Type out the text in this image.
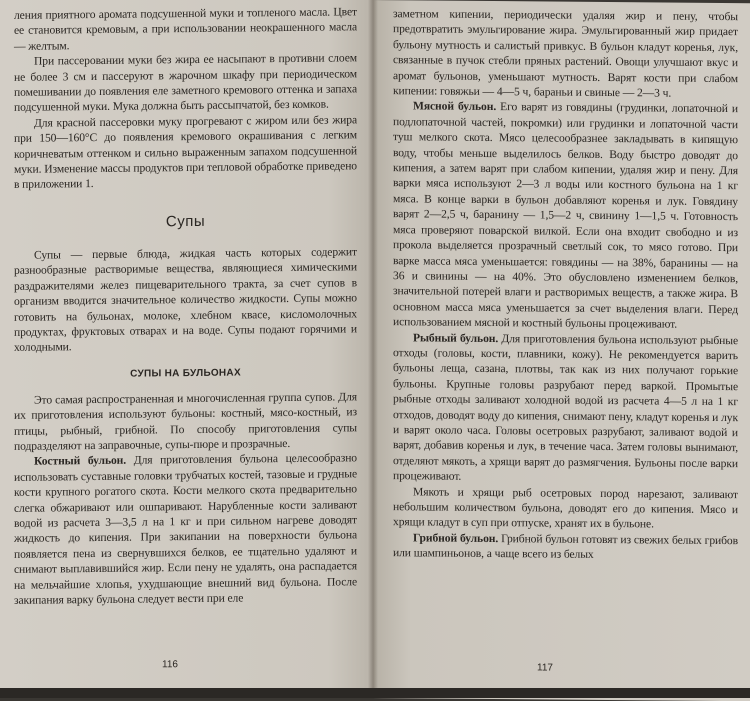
ления приятного аромата подсушенной муки и топленого масла. Цвет ее становится кремовым, а при использовании неокрашенного масла — желтым.

При пассеровании муки без жира ее насыпают в противни слоем не более 3 см и пассеруют в жарочном шкафу при периодическом помешивании до появления еле заметного кремового оттенка и запаха подсушенной муки. Мука должна быть рассыпчатой, без комков.

Для красной пассеровки муку прогревают с жиром или без жира при 150—160°С до появления кремового окрашивания с легким коричневатым оттенком и сильно выраженным запахом подсушенной муки. Изменение массы продуктов при тепловой обработке приведено в приложении 1.

Супы

Супы — первые блюда, жидкая часть которых содержит разнообразные растворимые вещества, являющиеся химическими раздражителями желез пищеварительного тракта, за счет супов в организм вводится значительное количество жидкости. Супы можно готовить на бульонах, молоке, хлебном квасе, кисломолочных продуктах, фруктовых отварах и на воде. Супы подают горячими и холодными.

СУПЫ НА БУЛЬОНАХ

Это самая распространенная и многочисленная группа супов. Для их приготовления используют бульоны: костный, мясо-костный, из птицы, рыбный, грибной. По способу приготовления супы подразделяют на заправочные, супы-пюре и прозрачные.

Костный бульон. Для приготовления бульона целесообразно использовать суставные головки трубчатых костей, тазовые и грудные кости крупного рогатого скота. Кости мелкого скота предварительно слегка обжаривают или ошпаривают. Нарубленные кости заливают водой из расчета 3—3,5 л на 1 кг и при сильном нагреве доводят жидкость до кипения. При закипании на поверхности бульона появляется пена из свернувшихся белков, ее тщательно удаляют и снимают выплавившийся жир. Если пену не удалять, она распадается на мельчайшие хлопья, ухудшающие внешний вид бульона. После закипания варку бульона следует вести при еле

116

заметном кипении, периодически удаляя жир и пену, чтобы предотвратить эмульгирование жира. Эмульгированный жир придает бульону мутность и салистый привкус. В бульон кладут коренья, лук, связанные в пучок стебли пряных растений. Овощи улучшают вкус и аромат бульонов, уменьшают мутность. Варят кости при слабом кипении: говяжьи — 4—5 ч, бараньи и свиные — 2—3 ч.

Мясной бульон. Его варят из говядины (грудинки, лопаточной и подлопаточной частей, покромки) или грудинки и лопаточной части туш мелкого скота. Мясо целесообразнее закладывать в кипящую воду, чтобы меньше выделилось белков. Воду быстро доводят до кипения, а затем варят при слабом кипении, удаляя жир и пену. Для варки мяса используют 2—3 л воды или костного бульона на 1 кг мяса. В конце варки в бульон добавляют коренья и лук. Говядину варят 2—2,5 ч, баранину — 1,5—2 ч, свинину 1—1,5 ч. Готовность мяса проверяют поварской вилкой. Если она входит свободно и из прокола выделяется прозрачный светлый сок, то мясо готово. При варке масса мяса уменьшается: говядины — на 38%, баранины — на 36 и свинины — на 40%. Это обусловлено изменением белков, значительной потерей влаги и растворимых веществ, а также жира. В основном масса мяса уменьшается за счет выделения влаги. Перед использованием мясной и костный бульоны процеживают.

Рыбный бульон. Для приготовления бульона используют рыбные отходы (головы, кости, плавники, кожу). Не рекомендуется варить бульоны леща, сазана, плотвы, так как из них получают горькие бульоны. Крупные головы разрубают перед варкой. Промытые рыбные отходы заливают холодной водой из расчета 4—5 л на 1 кг отходов, доводят воду до кипения, снимают пену, кладут коренья и лук и варят около часа. Головы осетровых разрубают, заливают водой и варят, добавив коренья и лук, в течение часа. Затем головы вынимают, отделяют мякоть, а хрящи варят до размягчения. Бульоны после варки процеживают.

Мякоть и хрящи рыб осетровых пород нарезают, заливают небольшим количеством бульона, доводят его до кипения. Мясо и хрящи кладут в суп при отпуске, хранят их в бульоне.

Грибной бульон. Грибной бульон готовят из свежих белых грибов или шампиньонов, а чаще всего из белых

117
